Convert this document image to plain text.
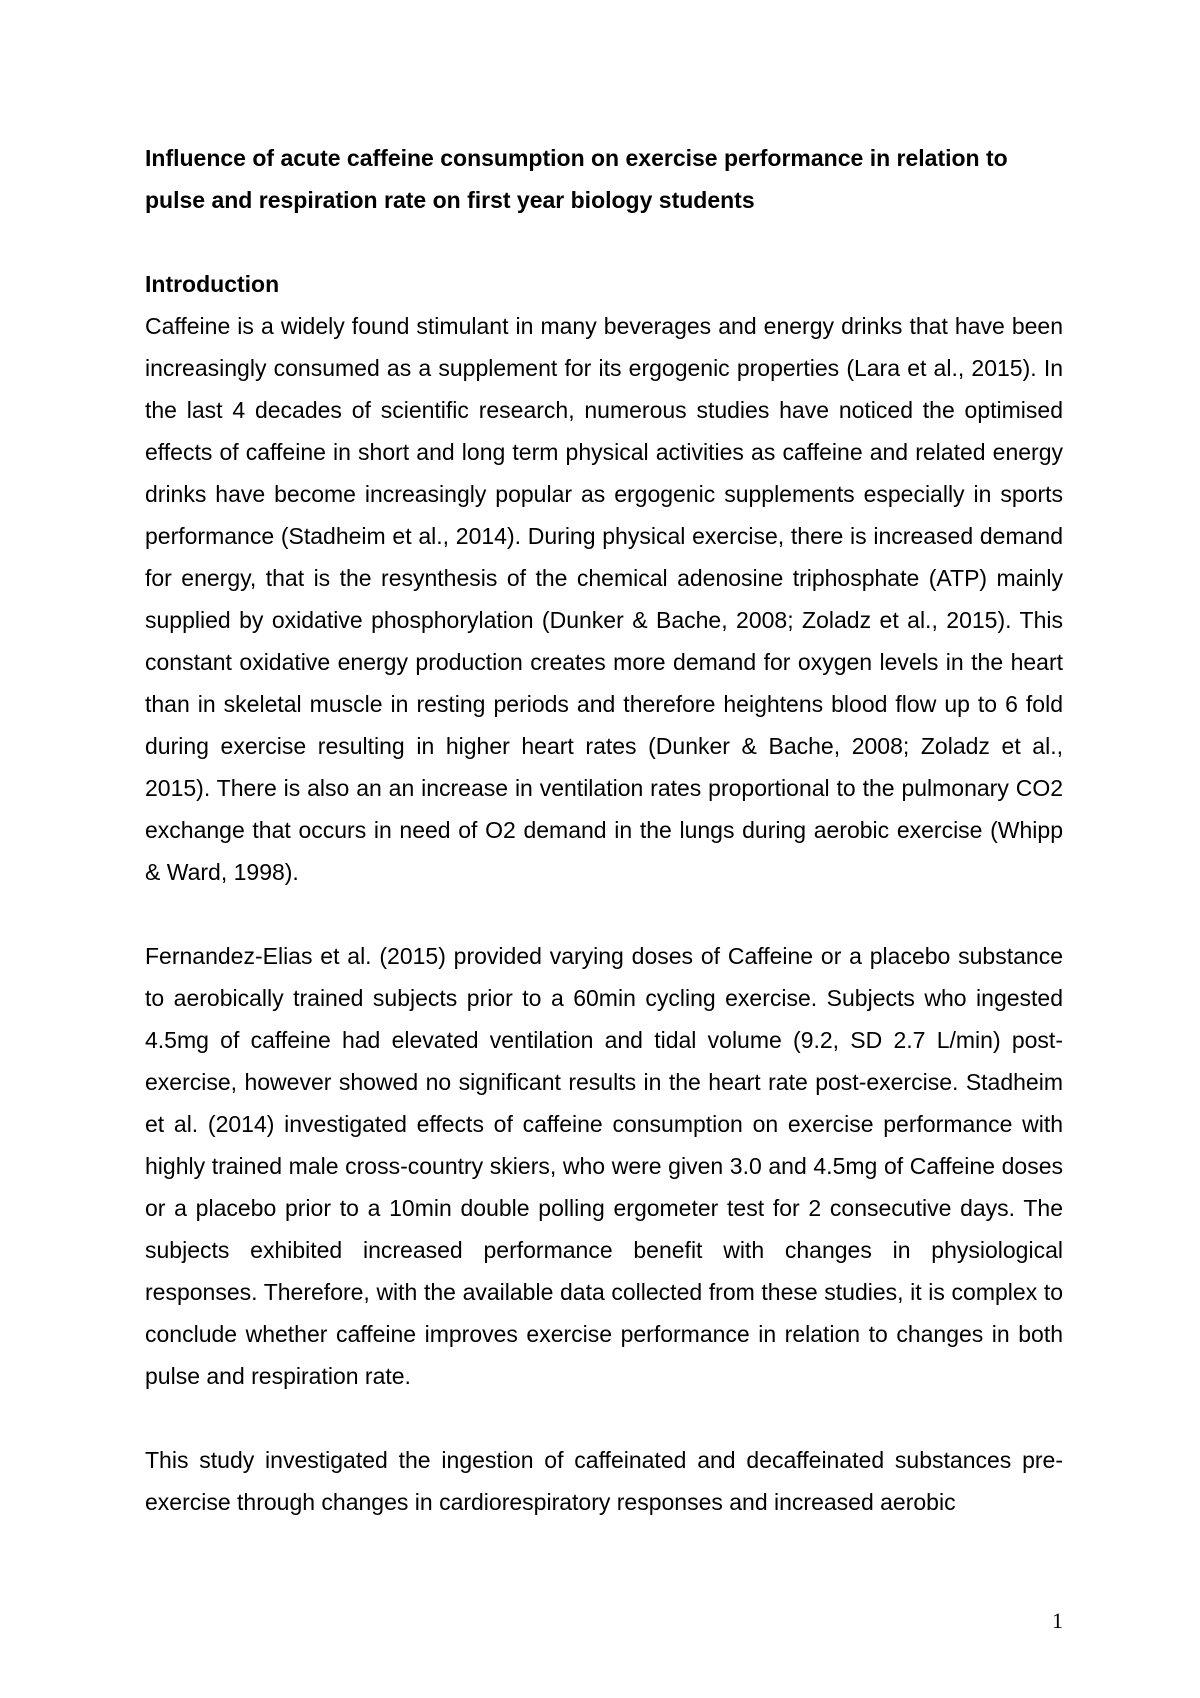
Influence of acute caffeine consumption on exercise performance in relation to pulse and respiration rate on first year biology students

Introduction

Caffeine is a widely found stimulant in many beverages and energy drinks that have been increasingly consumed as a supplement for its ergogenic properties (Lara et al., 2015). In the last 4 decades of scientific research, numerous studies have noticed the optimised effects of caffeine in short and long term physical activities as caffeine and related energy drinks have become increasingly popular as ergogenic supplements especially in sports performance (Stadheim et al., 2014). During physical exercise, there is increased demand for energy, that is the resynthesis of the chemical adenosine triphosphate (ATP) mainly supplied by oxidative phosphorylation (Dunker & Bache, 2008; Zoladz et al., 2015). This constant oxidative energy production creates more demand for oxygen levels in the heart than in skeletal muscle in resting periods and therefore heightens blood flow up to 6 fold during exercise resulting in higher heart rates (Dunker & Bache, 2008; Zoladz et al., 2015). There is also an an increase in ventilation rates proportional to the pulmonary CO2 exchange that occurs in need of O2 demand in the lungs during aerobic exercise (Whipp & Ward, 1998).

Fernandez-Elias et al. (2015) provided varying doses of Caffeine or a placebo substance to aerobically trained subjects prior to a 60min cycling exercise. Subjects who ingested 4.5mg of caffeine had elevated ventilation and tidal volume (9.2, SD 2.7 L/min) post-exercise, however showed no significant results in the heart rate post-exercise. Stadheim et al. (2014) investigated effects of caffeine consumption on exercise performance with highly trained male cross-country skiers, who were given 3.0 and 4.5mg of Caffeine doses or a placebo prior to a 10min double polling ergometer test for 2 consecutive days. The subjects exhibited increased performance benefit with changes in physiological responses. Therefore, with the available data collected from these studies, it is complex to conclude whether caffeine improves exercise performance in relation to changes in both pulse and respiration rate.

This study investigated the ingestion of caffeinated and decaffeinated substances pre-exercise through changes in cardiorespiratory responses and increased aerobic

1
